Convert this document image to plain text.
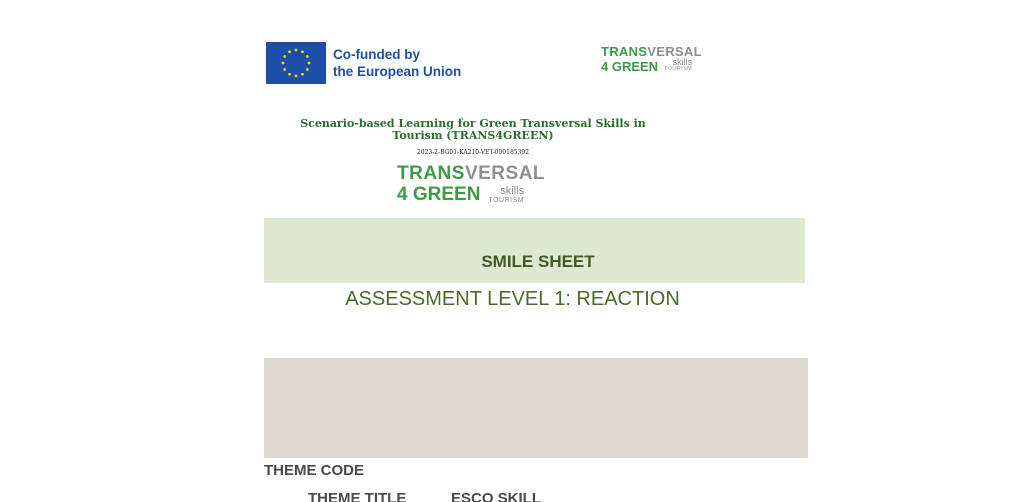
Co-funded by
the European Union
TRANS VERSAL
4 GREEN skills
TOURISM
Scenario-based Learning for Green Transversal Skills in Tourism (TRANS4GREEN)
2023-2-BG01-KA210-VET-000185392
TRANS VERSAL
4 GREEN skills
TOURISM
SMILE SHEET
ASSESSMENT LEVEL 1: REACTION
THEME CODE
THEME TITLE	ESCO SKILL
